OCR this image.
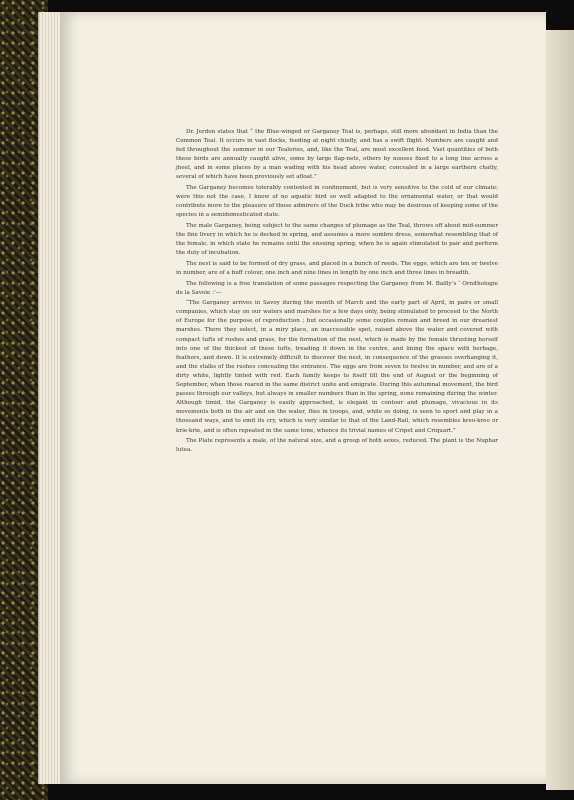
Dr. Jerdon states that “ the Blue-winged or Garganey Teal is, perhaps, still more abundant in India than the Common Teal. It occurs in vast flocks, feeding at night chiefly, and has a swift flight. Numbers are caught and fed throughout the summer in our Tealeries, and, like the Teal, are most excellent food. Vast quantities of both these birds are annually caught alive, some by large flap-nets, others by nooses fixed to a long line across a jheel, and in some places by a man wading with his head above water, concealed in a large earthern chatty, several of which have been previously set afloat.”

The Garganey becomes tolerably contented in confinement, but is very sensitive to the cold of our climate; were this not the case, I know of no aquatic bird so well adapted to the ornamental water, or that would contribute more to the pleasure of those admirers of the Duck tribe who may be desirous of keeping some of the species in a semidomesticated state.

The male Garganey, being subject to the same changes of plumage as the Teal, throws off about mid-summer the fine livery in which he is decked in spring, and assumes a more sombre dress, somewhat resembling that of the female, in which state he remains until the ensuing spring, when he is again stimulated to pair and perform the duty of incubation.

The nest is said to be formed of dry grass, and placed in a bunch of reeds. The eggs, which are ten or twelve in number, are of a buff colour, one inch and nine lines in length by one inch and three lines in breadth.

The following is a free translation of some passages respecting the Garganey from M. Bailly’s ‘ Ornithologie de la Savoie :’—

“The Garganey arrives in Savoy during the month of March and the early part of April, in pairs or small companies, which stay on our waters and marshes for a few days only, being stimulated to proceed to the North of Europe for the purpose of reproduction ; but occasionally some couples remain and breed in our dreariest marshes. There they select, in a miry place, an inaccessible spot, raised above the water and covered with compact tufts of rushes and grass, for the formation of the nest, which is made by the female thrusting herself into one of the thickest of these tufts, treading it down in the centre, and lining the space with herbage, feathers, and down. It is extremely difficult to discover the nest, in consequence of the grasses overhanging it, and the stalks of the rushes concealing the entrance. The eggs are from seven to twelve in number, and are of a dirty white, lightly tinted with red. Each family keeps to itself till the end of August or the beginning of September, when those reared in the same district unite and emigrate. During this autumnal movement, the bird passes through our valleys, but always in smaller numbers than in the spring, none remaining during the winter. Although timid, the Garganey is easily approached, is elegant in contour and plumage, vivacious in its movements both in the air and on the water, flies in troops, and, while so doing, is seen to sport and play in a thousand ways, and to emit its cry, which is very similar to that of the Land-Rail, which resembles kreo-kreo or krie-krie, and is often repeated in the same tone, whence its trivial names of Cripet and Criquart.”

The Plate represents a male, of the natural size, and a group of both sexes, reduced. The plant is the Nuphar lutea.
